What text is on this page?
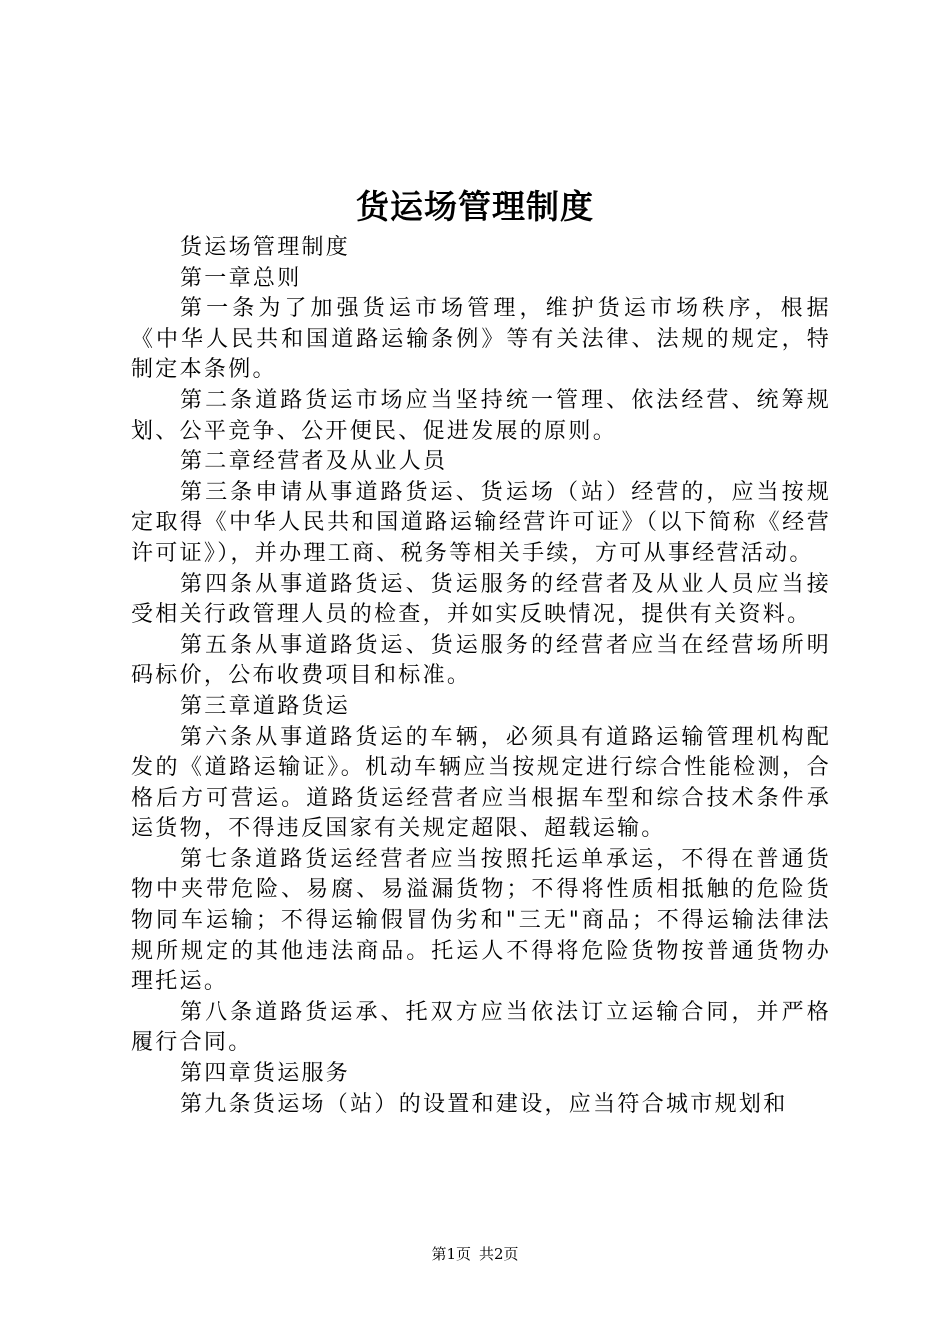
货运场管理制度

货运场管理制度

第一章总则

第一条为了加强货运市场管理，维护货运市场秩序，根据《中华人民共和国道路运输条例》等有关法律、法规的规定，特制定本条例。

第二条道路货运市场应当坚持统一管理、依法经营、统筹规划、公平竞争、公开便民、促进发展的原则。

第二章经营者及从业人员

第三条申请从事道路货运、货运场（站）经营的，应当按规定取得《中华人民共和国道路运输经营许可证》（以下简称《经营许可证》），并办理工商、税务等相关手续，方可从事经营活动。

第四条从事道路货运、货运服务的经营者及从业人员应当接受相关行政管理人员的检查，并如实反映情况，提供有关资料。

第五条从事道路货运、货运服务的经营者应当在经营场所明码标价，公布收费项目和标准。

第三章道路货运

第六条从事道路货运的车辆，必须具有道路运输管理机构配发的《道路运输证》。机动车辆应当按规定进行综合性能检测，合格后方可营运。道路货运经营者应当根据车型和综合技术条件承运货物，不得违反国家有关规定超限、超载运输。

第七条道路货运经营者应当按照托运单承运，不得在普通货物中夹带危险、易腐、易溢漏货物；不得将性质相抵触的危险货物同车运输；不得运输假冒伪劣和"三无"商品；不得运输法律法规所规定的其他违法商品。托运人不得将危险货物按普通货物办理托运。

第八条道路货运承、托双方应当依法订立运输合同，并严格履行合同。

第四章货运服务

第九条货运场（站）的设置和建设，应当符合城市规划和

第1页 共2页
